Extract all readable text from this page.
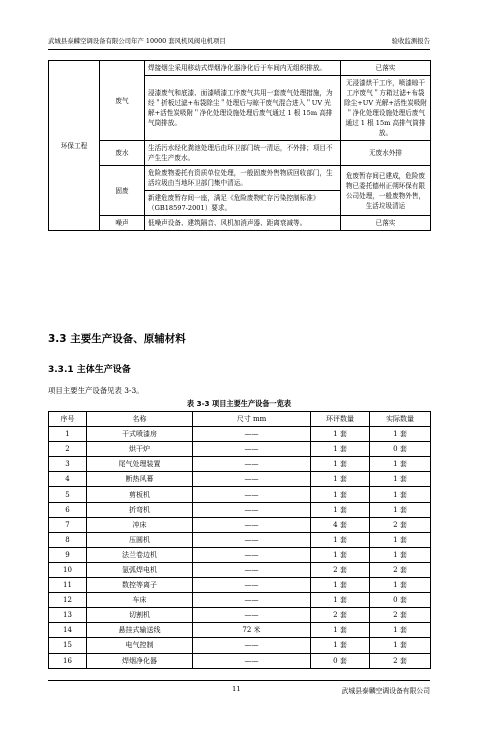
武城县泰麟空调设备有限公司年产 10000 套风机风阀电机项目	验收监测报告
环保工程	废气	焊接烟尘采用移动式焊烟净化器净化后于车间内无组织排放。	已落实
		浸漆废气和底漆、面漆喷漆工序废气共用一套废气处理措施，为经＂折板过滤+布袋除尘＂处理后与晾干废气混合进入＂UV 光解+活性炭吸附＂净化处理设施处理后废气通过 1 根 15m 高排气筒排放。	无浸漆烘干工序，喷漆晾干工序废气＂方箱过滤+布袋除尘+UV 光解+活性炭吸附＂净化处理设施处理后废气通过 1 根 15m 高排气筒排放。
	废水	生活污水经化粪池处理后由环卫部门统一清运，不外排；项目不产生生产废水。	无废水外排
	固废	危险废物委托有资质单位处理，一般固废外售物质回收部门，生活垃圾由当地环卫部门集中清运。	危废暂存间已建成，危险废物已委托德州正朔环保有限公司处理，一般废物外售，生活垃圾清运
		新建危废暂存间一座，满足《危险废物贮存污染控制标准》（GB18597-2001）要求。	
	噪声	低噪声设备、建筑隔音、风机加消声器、距离衰减等。	已落实
3.3 主要生产设备、原辅材料
3.3.1 主体生产设备
项目主要生产设备见表 3-3。
表 3-3 项目主要生产设备一览表
序号	名称	尺寸 mm	环评数量	实际数量
1	干式喷漆房	——	1 套	1 套
2	烘干炉	——	1 套	0 套
3	尾气处理装置	——	1 套	1 套
4	断热风幕	——	1 套	1 套
5	剪板机	——	1 套	1 套
6	折弯机	——	1 套	1 套
7	冲床	——	4 套	2 套
8	压圆机	——	1 套	1 套
9	法兰卷边机	——	1 套	1 套
10	氩弧焊电机	——	2 套	2 套
11	数控等离子	——	1 套	1 套
12	车床	——	1 套	0 套
13	切割机	——	2 套	2 套
14	悬挂式输送线	72 米	1 套	1 套
15	电气控制	——	1 套	1 套
16	焊烟净化器	——	0 套	2 套
11	武城县泰麟空调设备有限公司
